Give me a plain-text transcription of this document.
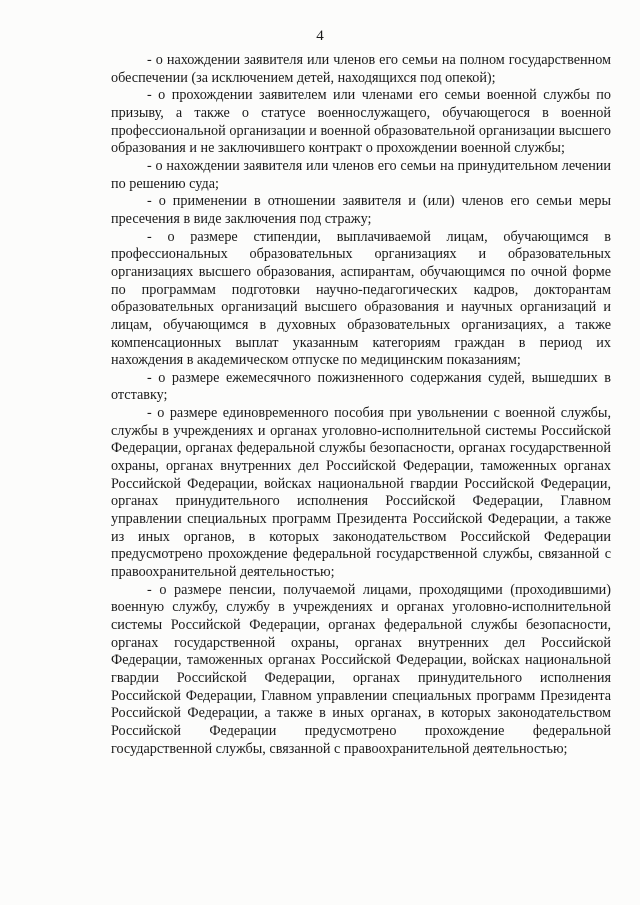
4

- о нахождении заявителя или членов его семьи на полном государственном обеспечении (за исключением детей, находящихся под опекой);

- о прохождении заявителем или членами его семьи военной службы по призыву, а также о статусе военнослужащего, обучающегося в военной профессиональной организации и военной образовательной организации высшего образования и не заключившего контракт о прохождении военной службы;

- о нахождении заявителя или членов его семьи на принудительном лечении по решению суда;

- о применении в отношении заявителя и (или) членов его семьи меры пресечения в виде заключения под стражу;

- о размере стипендии, выплачиваемой лицам, обучающимся в профессиональных образовательных организациях и образовательных организациях высшего образования, аспирантам, обучающимся по очной форме по программам подготовки научно-педагогических кадров, докторантам образовательных организаций высшего образования и научных организаций и лицам, обучающимся в духовных образовательных организациях, а также компенсационных выплат указанным категориям граждан в период их нахождения в академическом отпуске по медицинским показаниям;

- о размере ежемесячного пожизненного содержания судей, вышедших в отставку;

- о размере единовременного пособия при увольнении с военной службы, службы в учреждениях и органах уголовно-исполнительной системы Российской Федерации, органах федеральной службы безопасности, органах государственной охраны, органах внутренних дел Российской Федерации, таможенных органах Российской Федерации, войсках национальной гвардии Российской Федерации, органах принудительного исполнения Российской Федерации, Главном управлении специальных программ Президента Российской Федерации, а также из иных органов, в которых законодательством Российской Федерации предусмотрено прохождение федеральной государственной службы, связанной с правоохранительной деятельностью;

- о размере пенсии, получаемой лицами, проходящими (проходившими) военную службу, службу в учреждениях и органах уголовно-исполнительной системы Российской Федерации, органах федеральной службы безопасности, органах государственной охраны, органах внутренних дел Российской Федерации, таможенных органах Российской Федерации, войсках национальной гвардии Российской Федерации, органах принудительного исполнения Российской Федерации, Главном управлении специальных программ Президента Российской Федерации, а также в иных органах, в которых законодательством Российской Федерации предусмотрено прохождение федеральной государственной службы, связанной с правоохранительной деятельностью;
